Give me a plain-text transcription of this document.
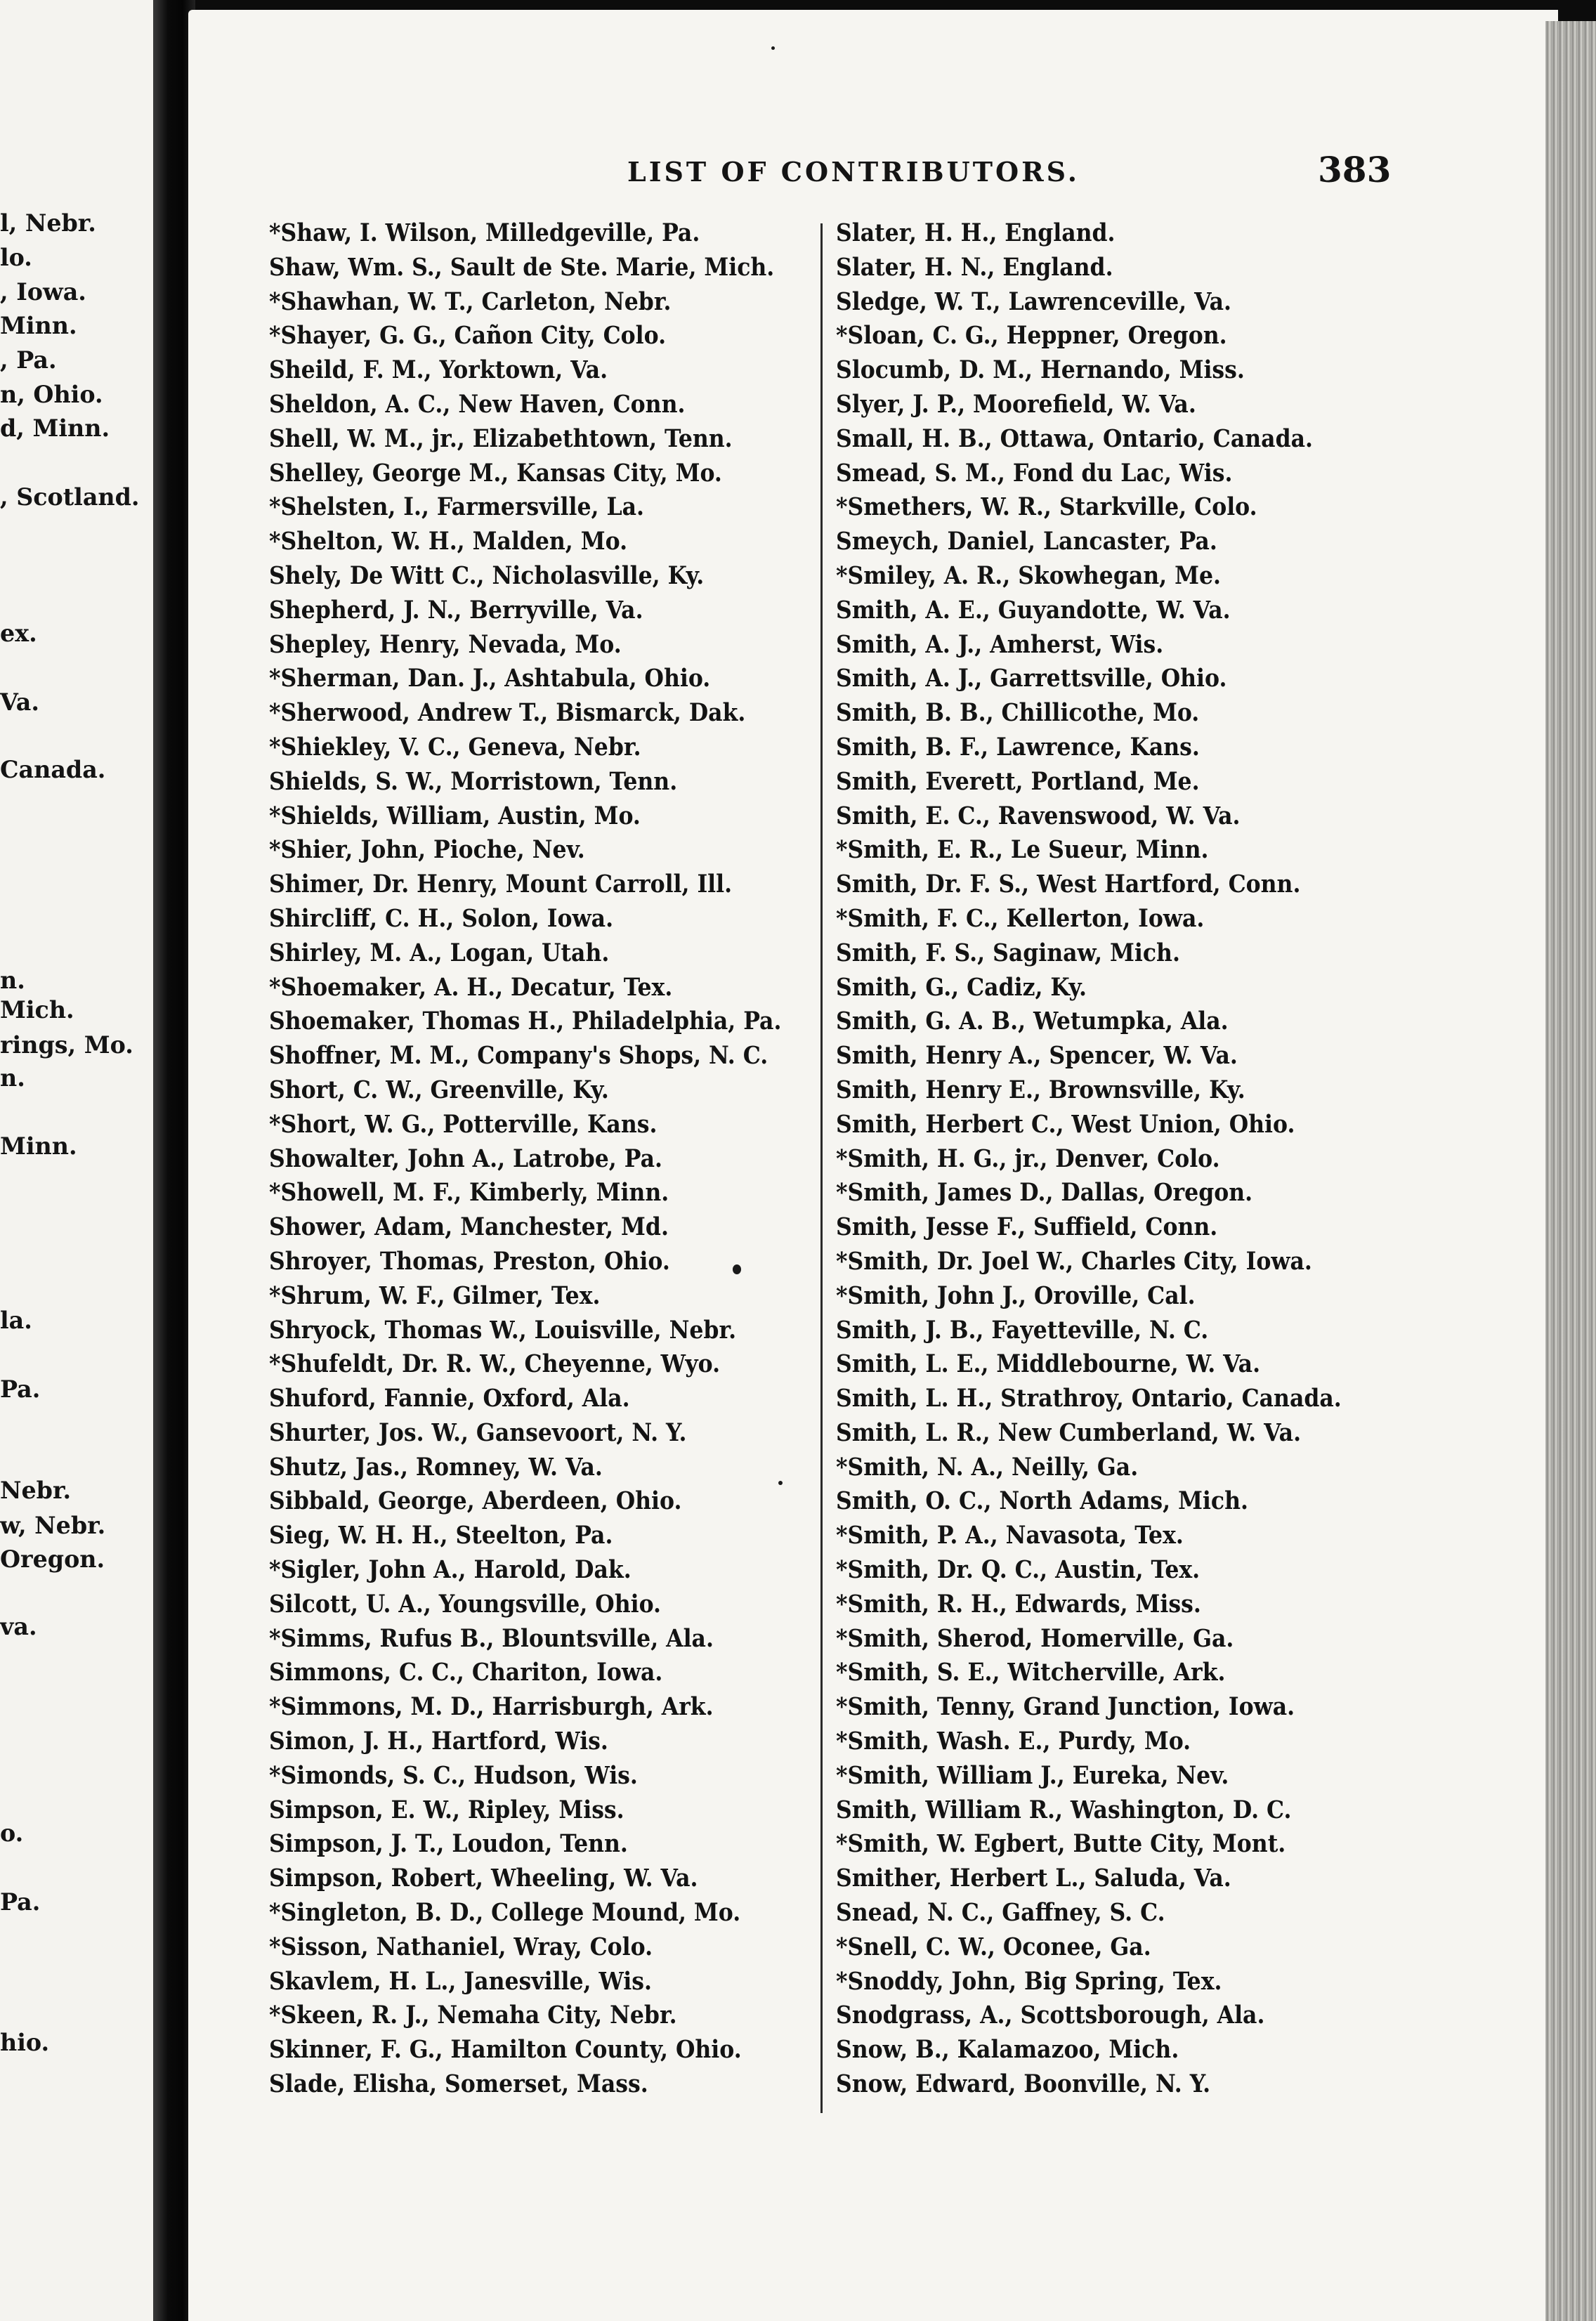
l, Nebr.
lo.
, Iowa.
Minn.
, Pa.
n, Ohio.
d, Minn.
, Scotland.
ex.
Va.
Canada.
n.
Mich.
rings, Mo.
n.
Minn.
la.
Pa.
Nebr.
w, Nebr.
Oregon.
va.
o.
Pa.
hio.
LIST OF CONTRIBUTORS.	383
*Shaw, I. Wilson, Milledgeville, Pa.
Shaw, Wm. S., Sault de Ste. Marie, Mich.
*Shawhan, W. T., Carleton, Nebr.
*Shayer, G. G., Cañon City, Colo.
Sheild, F. M., Yorktown, Va.
Sheldon, A. C., New Haven, Conn.
Shell, W. M., jr., Elizabethtown, Tenn.
Shelley, George M., Kansas City, Mo.
*Shelsten, I., Farmersville, La.
*Shelton, W. H., Malden, Mo.
Shely, De Witt C., Nicholasville, Ky.
Shepherd, J. N., Berryville, Va.
Shepley, Henry, Nevada, Mo.
*Sherman, Dan. J., Ashtabula, Ohio.
*Sherwood, Andrew T., Bismarck, Dak.
*Shiekley, V. C., Geneva, Nebr.
Shields, S. W., Morristown, Tenn.
*Shields, William, Austin, Mo.
*Shier, John, Pioche, Nev.
Shimer, Dr. Henry, Mount Carroll, Ill.
Shircliff, C. H., Solon, Iowa.
Shirley, M. A., Logan, Utah.
*Shoemaker, A. H., Decatur, Tex.
Shoemaker, Thomas H., Philadelphia, Pa.
Shoffner, M. M., Company's Shops, N. C.
Short, C. W., Greenville, Ky.
*Short, W. G., Potterville, Kans.
Showalter, John A., Latrobe, Pa.
*Showell, M. F., Kimberly, Minn.
Shower, Adam, Manchester, Md.
Shroyer, Thomas, Preston, Ohio.
*Shrum, W. F., Gilmer, Tex.
Shryock, Thomas W., Louisville, Nebr.
*Shufeldt, Dr. R. W., Cheyenne, Wyo.
Shuford, Fannie, Oxford, Ala.
Shurter, Jos. W., Gansevoort, N. Y.
Shutz, Jas., Romney, W. Va.
Sibbald, George, Aberdeen, Ohio.
Sieg, W. H. H., Steelton, Pa.
*Sigler, John A., Harold, Dak.
Silcott, U. A., Youngsville, Ohio.
*Simms, Rufus B., Blountsville, Ala.
Simmons, C. C., Chariton, Iowa.
*Simmons, M. D., Harrisburgh, Ark.
Simon, J. H., Hartford, Wis.
*Simonds, S. C., Hudson, Wis.
Simpson, E. W., Ripley, Miss.
Simpson, J. T., Loudon, Tenn.
Simpson, Robert, Wheeling, W. Va.
*Singleton, B. D., College Mound, Mo.
*Sisson, Nathaniel, Wray, Colo.
Skavlem, H. L., Janesville, Wis.
*Skeen, R. J., Nemaha City, Nebr.
Skinner, F. G., Hamilton County, Ohio.
Slade, Elisha, Somerset, Mass.
Slater, H. H., England.
Slater, H. N., England.
Sledge, W. T., Lawrenceville, Va.
*Sloan, C. G., Heppner, Oregon.
Slocumb, D. M., Hernando, Miss.
Slyer, J. P., Moorefield, W. Va.
Small, H. B., Ottawa, Ontario, Canada.
Smead, S. M., Fond du Lac, Wis.
*Smethers, W. R., Starkville, Colo.
Smeych, Daniel, Lancaster, Pa.
*Smiley, A. R., Skowhegan, Me.
Smith, A. E., Guyandotte, W. Va.
Smith, A. J., Amherst, Wis.
Smith, A. J., Garrettsville, Ohio.
Smith, B. B., Chillicothe, Mo.
Smith, B. F., Lawrence, Kans.
Smith, Everett, Portland, Me.
Smith, E. C., Ravenswood, W. Va.
*Smith, E. R., Le Sueur, Minn.
Smith, Dr. F. S., West Hartford, Conn.
*Smith, F. C., Kellerton, Iowa.
Smith, F. S., Saginaw, Mich.
Smith, G., Cadiz, Ky.
Smith, G. A. B., Wetumpka, Ala.
Smith, Henry A., Spencer, W. Va.
Smith, Henry E., Brownsville, Ky.
Smith, Herbert C., West Union, Ohio.
*Smith, H. G., jr., Denver, Colo.
*Smith, James D., Dallas, Oregon.
Smith, Jesse F., Suffield, Conn.
*Smith, Dr. Joel W., Charles City, Iowa.
*Smith, John J., Oroville, Cal.
Smith, J. B., Fayetteville, N. C.
Smith, L. E., Middlebourne, W. Va.
Smith, L. H., Strathroy, Ontario, Canada.
Smith, L. R., New Cumberland, W. Va.
*Smith, N. A., Neilly, Ga.
Smith, O. C., North Adams, Mich.
*Smith, P. A., Navasota, Tex.
*Smith, Dr. Q. C., Austin, Tex.
*Smith, R. H., Edwards, Miss.
*Smith, Sherod, Homerville, Ga.
*Smith, S. E., Witcherville, Ark.
*Smith, Tenny, Grand Junction, Iowa.
*Smith, Wash. E., Purdy, Mo.
*Smith, William J., Eureka, Nev.
Smith, William R., Washington, D. C.
*Smith, W. Egbert, Butte City, Mont.
Smither, Herbert L., Saluda, Va.
Snead, N. C., Gaffney, S. C.
*Snell, C. W., Oconee, Ga.
*Snoddy, John, Big Spring, Tex.
Snodgrass, A., Scottsborough, Ala.
Snow, B., Kalamazoo, Mich.
Snow, Edward, Boonville, N. Y.
